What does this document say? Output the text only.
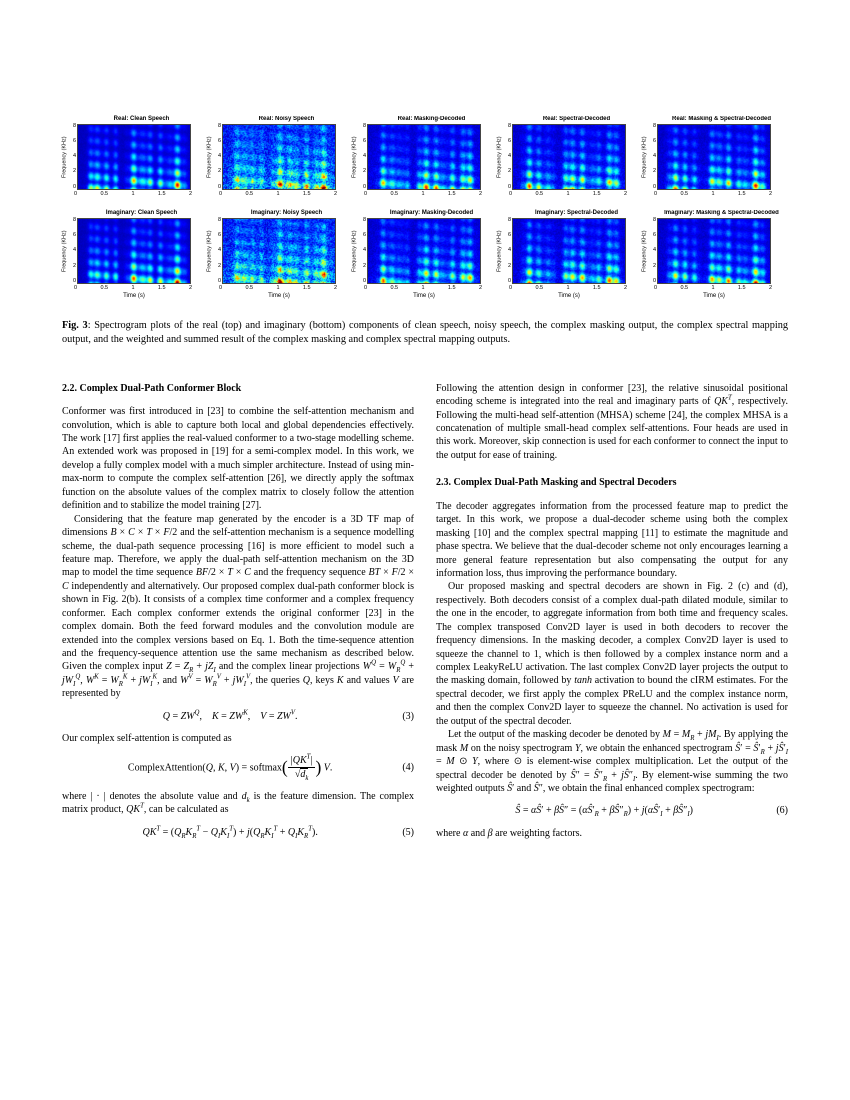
Real: Clean Speech
Frequency (KHz)
8
6
4
2
0
0	0.5	1	1.5	2
Real: Noisy Speech
Frequency (KHz)
8
6
4
2
0
0	0.5	1	1.5	2
Real: Masking-Decoded
Frequency (KHz)
8
6
4
2
0
0	0.5	1	1.5	2
Real: Spectral-Decoded
Frequency (KHz)
8
6
4
2
0
0	0.5	1	1.5	2
Real: Masking & Spectral-Decoded
Frequency (KHz)
8
6
4
2
0
0	0.5	1	1.5	2
Imaginary: Clean Speech
Frequency (KHz)
8
6
4
2
0
0	0.5	1	1.5	2
Time (s)
Imaginary: Noisy Speech
Frequency (KHz)
8
6
4
2
0
0	0.5	1	1.5	2
Time (s)
Imaginary: Masking-Decoded
Frequency (KHz)
8
6
4
2
0
0	0.5	1	1.5	2
Time (s)
Imaginary: Spectral-Decoded
Frequency (KHz)
8
6
4
2
0
0	0.5	1	1.5	2
Time (s)
Imaginary: Masking & Spectral-Decoded
Frequency (KHz)
8
6
4
2
0
0	0.5	1	1.5	2
Time (s)
Fig. 3: Spectrogram plots of the real (top) and imaginary (bottom) components of clean speech, noisy speech, the complex masking output, the complex spectral mapping output, and the weighted and summed result of the complex masking and complex spectral mapping outputs.
2.2. Complex Dual-Path Conformer Block

Conformer was first introduced in [23] to combine the self-attention mechanism and convolution, which is able to capture both local and global dependencies effectively. The work [17] first applies the real-valued conformer to a two-stage modelling scheme. An extended work was proposed in [19] for a semi-complex model. In this work, we develop a fully complex model with a much simpler architecture. Instead of using min-max-norm to compute the complex self-attention [26], we directly apply the softmax function on the absolute values of the complex matrix to closely follow the attention definition and to stabilize the model training [27].

Considering that the feature map generated by the encoder is a 3D TF map of dimensions B × C × T × F/2 and the self-attention mechanism is a sequence modelling scheme, the dual-path sequence processing [16] is more efficient to model such a feature map. Therefore, we apply the dual-path self-attention mechanism on the 3D map to model the time sequence BF/2 × T × C and the frequency sequence BT × F/2 × C independently and alternatively. Our proposed complex dual-path conformer block is shown in Fig. 2(b). It consists of a complex time conformer and a complex frequency conformer. Each complex conformer extends the original conformer [23] in the complex domain. Both the feed forward modules and the convolution module are extended into the complex versions based on Eq. 1. Both the time-sequence attention and the frequency-sequence attention use the same mechanism as described below. Given the complex input $Z = Z_R + jZ_I$ and the complex linear projections $W^Q = W_R^Q + jW_I^Q$, $W^K = W_R^K + jW_I^K$, and $W^V = W_R^V + jW_I^V$, the queries Q, keys K and values V are represented by

$Q = ZW^Q$,    $K = ZW^K$,    $V = ZW^V$.	(3)

Our complex self-attention is computed as

ComplexAttention(Q, K, V) = softmax( $\frac{|QK^T|}{√d_k}$ ) V.	(4)

where | · | denotes the absolute value and $d_k$ is the feature dimension. The complex matrix product, $QK^T$, can be calculated as

$QK^T = (Q_RK_R^T - Q_IK_I^T) + j(Q_RK_I^T + Q_IK_R^T)$.	(5)

Following the attention design in conformer [23], the relative sinusoidal positional encoding scheme is integrated into the real and imaginary parts of $QK^T$, respectively. Following the multi-head self-attention (MHSA) scheme [24], the complex MHSA is a concatenation of multiple small-head complex self-attentions. Four heads are used in this work. Moreover, skip connection is used for each conformer to connect the input to the output for ease of training.

2.3. Complex Dual-Path Masking and Spectral Decoders

The decoder aggregates information from the processed feature map to predict the target. In this work, we propose a dual-decoder scheme using both the complex masking [10] and the complex spectral mapping [11] to estimate the magnitude and phase spectra. We believe that the dual-decoder scheme not only encourages learning a more general feature representation but also compensating the output for any information loss, thus improving the performance boundary.

Our proposed masking and spectral decoders are shown in Fig. 2 (c) and (d), respectively. Both decoders consist of a complex dual-path dilated module, similar to the one in the encoder, to aggregate information from both time and frequency scales. The complex transposed Conv2D layer is used in both decoders to recover the frequency dimensions. In the masking decoder, a complex Conv2D layer is used to squeeze the channel to 1, which is then followed by a complex instance norm and a complex LeakyReLU activation. The last complex Conv2D layer projects the output to the masking domain, followed by tanh activation to bound the cIRM estimates. For the spectral decoder, we first apply the complex PReLU and the complex instance norm, and then the complex Conv2D layer to squeeze the channel. No activation is used for the output of the spectral decoder.

Let the output of the masking decoder be denoted by $M = M_R + jM_I$. By applying the mask M on the noisy spectrogram Y, we obtain the enhanced spectrogram Ŝ′ = $Ŝ'_R$ + $jŜ'_I = M$ ⊙ Y, where ⊙ is element-wise complex multiplication. Let the output of the spectral decoder be denoted by Ŝ″ = $Ŝ''_R$ + $jŜ''_I$. By element-wise summing the two weighted outputs Ŝ′ and Ŝ″, we obtain the final enhanced complex spectrogram:

Ŝ = αŜ′ + βŜ″ = ($\alpha Ŝ'_R$ + $\beta Ŝ''_R$) + $j(\alpha Ŝ'_I$ + $\beta Ŝ''_I$)	(6)

where α and β are weighting factors.
